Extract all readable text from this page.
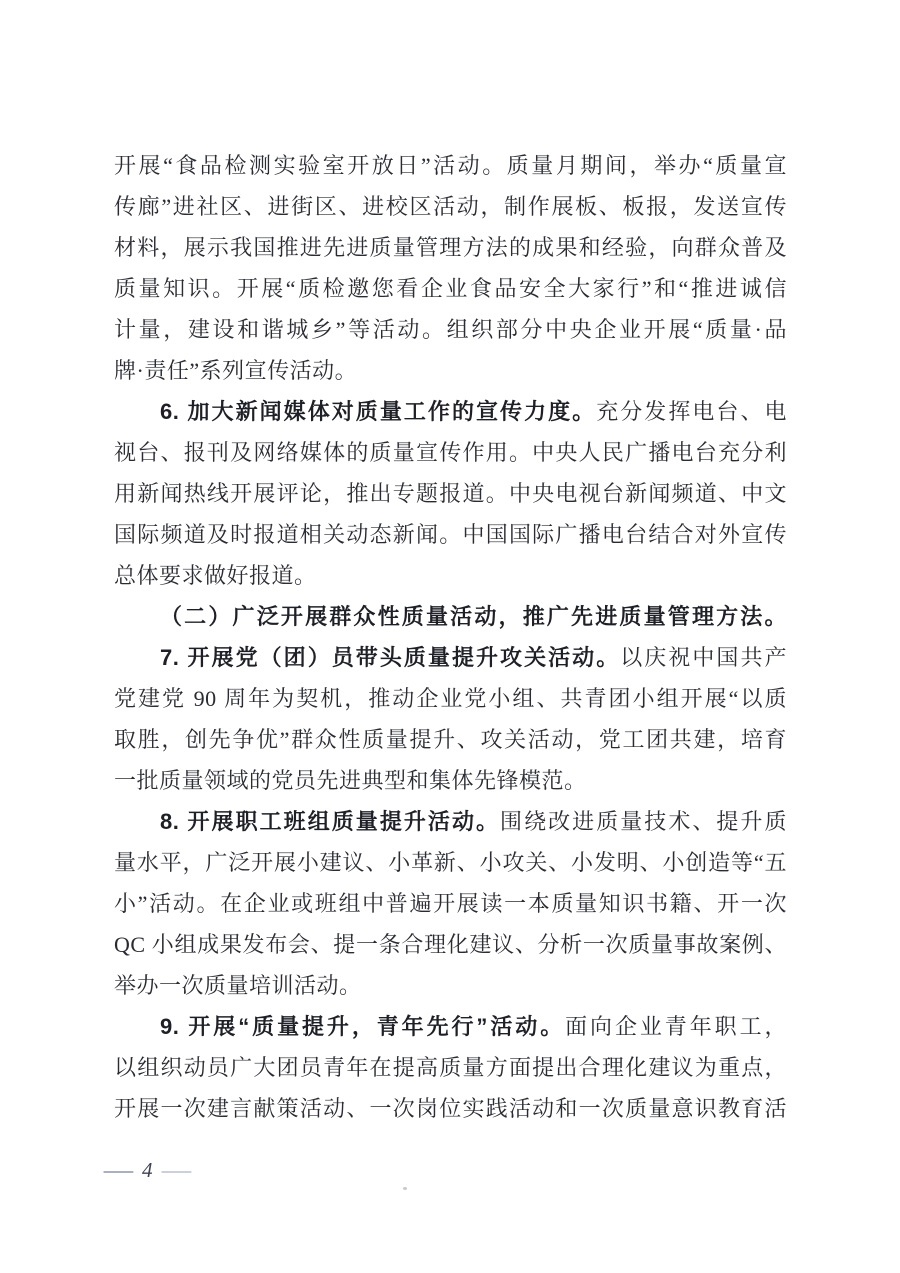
开展“食品检测实验室开放日”活动。质量月期间，举办“质量宣

传廊”进社区、进街区、进校区活动，制作展板、板报，发送宣传

材料，展示我国推进先进质量管理方法的成果和经验，向群众普及

质量知识。开展“质检邀您看企业食品安全大家行”和“推进诚信

计量，建设和谐城乡”等活动。组织部分中央企业开展“质量·品

牌·责任”系列宣传活动。

6. 加大新闻媒体对质量工作的宣传力度。充分发挥电台、电

视台、报刊及网络媒体的质量宣传作用。中央人民广播电台充分利

用新闻热线开展评论，推出专题报道。中央电视台新闻频道、中文

国际频道及时报道相关动态新闻。中国国际广播电台结合对外宣传

总体要求做好报道。

（二）广泛开展群众性质量活动，推广先进质量管理方法。

7. 开展党（团）员带头质量提升攻关活动。以庆祝中国共产

党建党 90 周年为契机，推动企业党小组、共青团小组开展“以质

取胜，创先争优”群众性质量提升、攻关活动，党工团共建，培育

一批质量领域的党员先进典型和集体先锋模范。

8. 开展职工班组质量提升活动。围绕改进质量技术、提升质

量水平，广泛开展小建议、小革新、小攻关、小发明、小创造等“五

小”活动。在企业或班组中普遍开展读一本质量知识书籍、开一次

QC 小组成果发布会、提一条合理化建议、分析一次质量事故案例、

举办一次质量培训活动。

9. 开展“质量提升，青年先行”活动。面向企业青年职工，

以组织动员广大团员青年在提高质量方面提出合理化建议为重点，

开展一次建言献策活动、一次岗位实践活动和一次质量意识教育活

— 4 —
